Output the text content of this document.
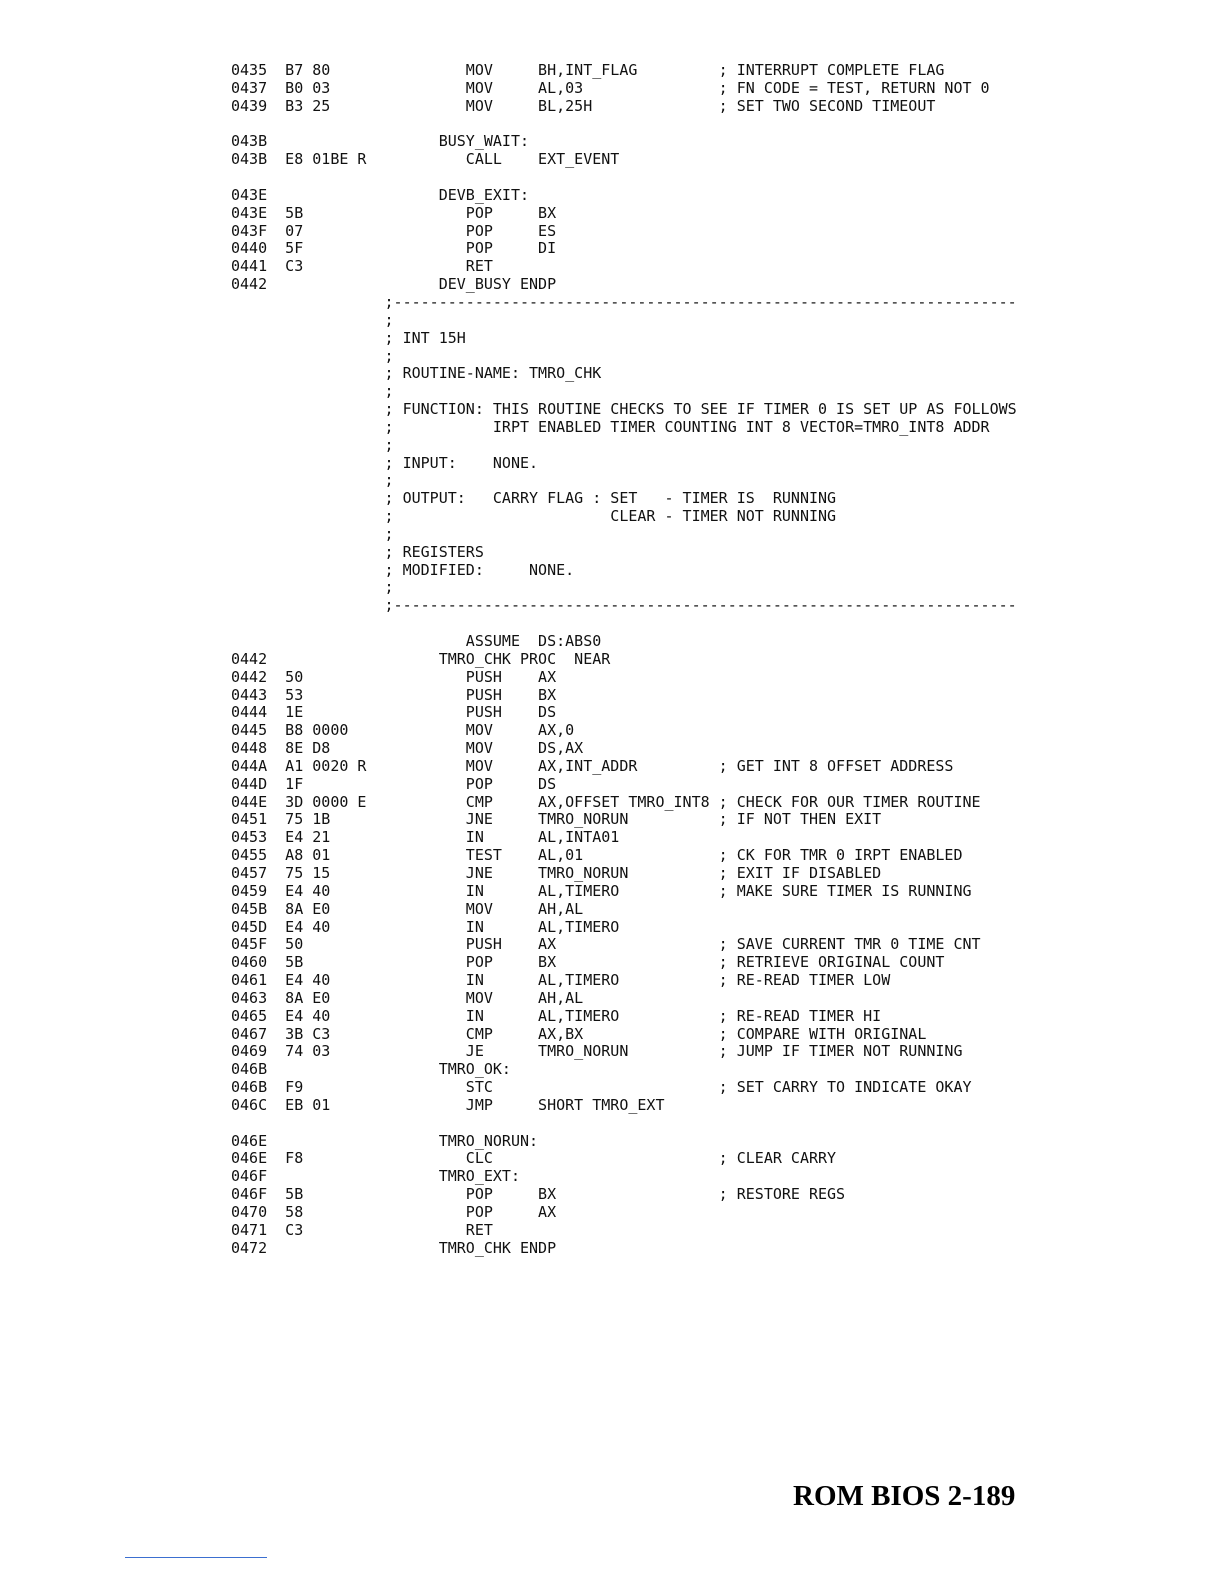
0435  B7 80               MOV     BH,INT_FLAG         ; INTERRUPT COMPLETE FLAG
0437  B0 03               MOV     AL,03               ; FN CODE = TEST, RETURN NOT 0
0439  B3 25               MOV     BL,25H              ; SET TWO SECOND TIMEOUT
043B                   BUSY_WAIT:
043B  E8 01BE R           CALL    EXT_EVENT
043E                   DEVB_EXIT:
043E  5B                  POP     BX
043F  07                  POP     ES
0440  5F                  POP     DI
0441  C3                  RET
0442                   DEV_BUSY ENDP
;---------------------------------------------------------------------
;
; INT 15H
;
; ROUTINE-NAME: TMRO_CHK
;
; FUNCTION: THIS ROUTINE CHECKS TO SEE IF TIMER 0 IS SET UP AS FOLLOWS
;           IRPT ENABLED TIMER COUNTING INT 8 VECTOR=TMRO_INT8 ADDR
;
; INPUT:    NONE.
;
; OUTPUT:   CARRY FLAG : SET   - TIMER IS  RUNNING
;                        CLEAR - TIMER NOT RUNNING
;
; REGISTERS
; MODIFIED:     NONE.
;
;---------------------------------------------------------------------
ASSUME  DS:ABS0
0442                   TMRO_CHK PROC  NEAR
0442  50                  PUSH    AX
0443  53                  PUSH    BX
0444  1E                  PUSH    DS
0445  B8 0000             MOV     AX,0
0448  8E D8               MOV     DS,AX
044A  A1 0020 R           MOV     AX,INT_ADDR         ; GET INT 8 OFFSET ADDRESS
044D  1F                  POP     DS
044E  3D 0000 E           CMP     AX,OFFSET TMRO_INT8 ; CHECK FOR OUR TIMER ROUTINE
0451  75 1B               JNE     TMRO_NORUN          ; IF NOT THEN EXIT
0453  E4 21               IN      AL,INTA01
0455  A8 01               TEST    AL,01               ; CK FOR TMR 0 IRPT ENABLED
0457  75 15               JNE     TMRO_NORUN          ; EXIT IF DISABLED
0459  E4 40               IN      AL,TIMERO           ; MAKE SURE TIMER IS RUNNING
045B  8A E0               MOV     AH,AL
045D  E4 40               IN      AL,TIMERO
045F  50                  PUSH    AX                  ; SAVE CURRENT TMR 0 TIME CNT
0460  5B                  POP     BX                  ; RETRIEVE ORIGINAL COUNT
0461  E4 40               IN      AL,TIMERO           ; RE-READ TIMER LOW
0463  8A E0               MOV     AH,AL
0465  E4 40               IN      AL,TIMERO           ; RE-READ TIMER HI
0467  3B C3               CMP     AX,BX               ; COMPARE WITH ORIGINAL
0469  74 03               JE      TMRO_NORUN          ; JUMP IF TIMER NOT RUNNING
046B                   TMRO_OK:
046B  F9                  STC                         ; SET CARRY TO INDICATE OKAY
046C  EB 01               JMP     SHORT TMRO_EXT
046E                   TMRO_NORUN:
046E  F8                  CLC                         ; CLEAR CARRY
046F                   TMRO_EXT:
046F  5B                  POP     BX                  ; RESTORE REGS
0470  58                  POP     AX
0471  C3                  RET
0472                   TMRO_CHK ENDP
ROM BIOS 2-189
